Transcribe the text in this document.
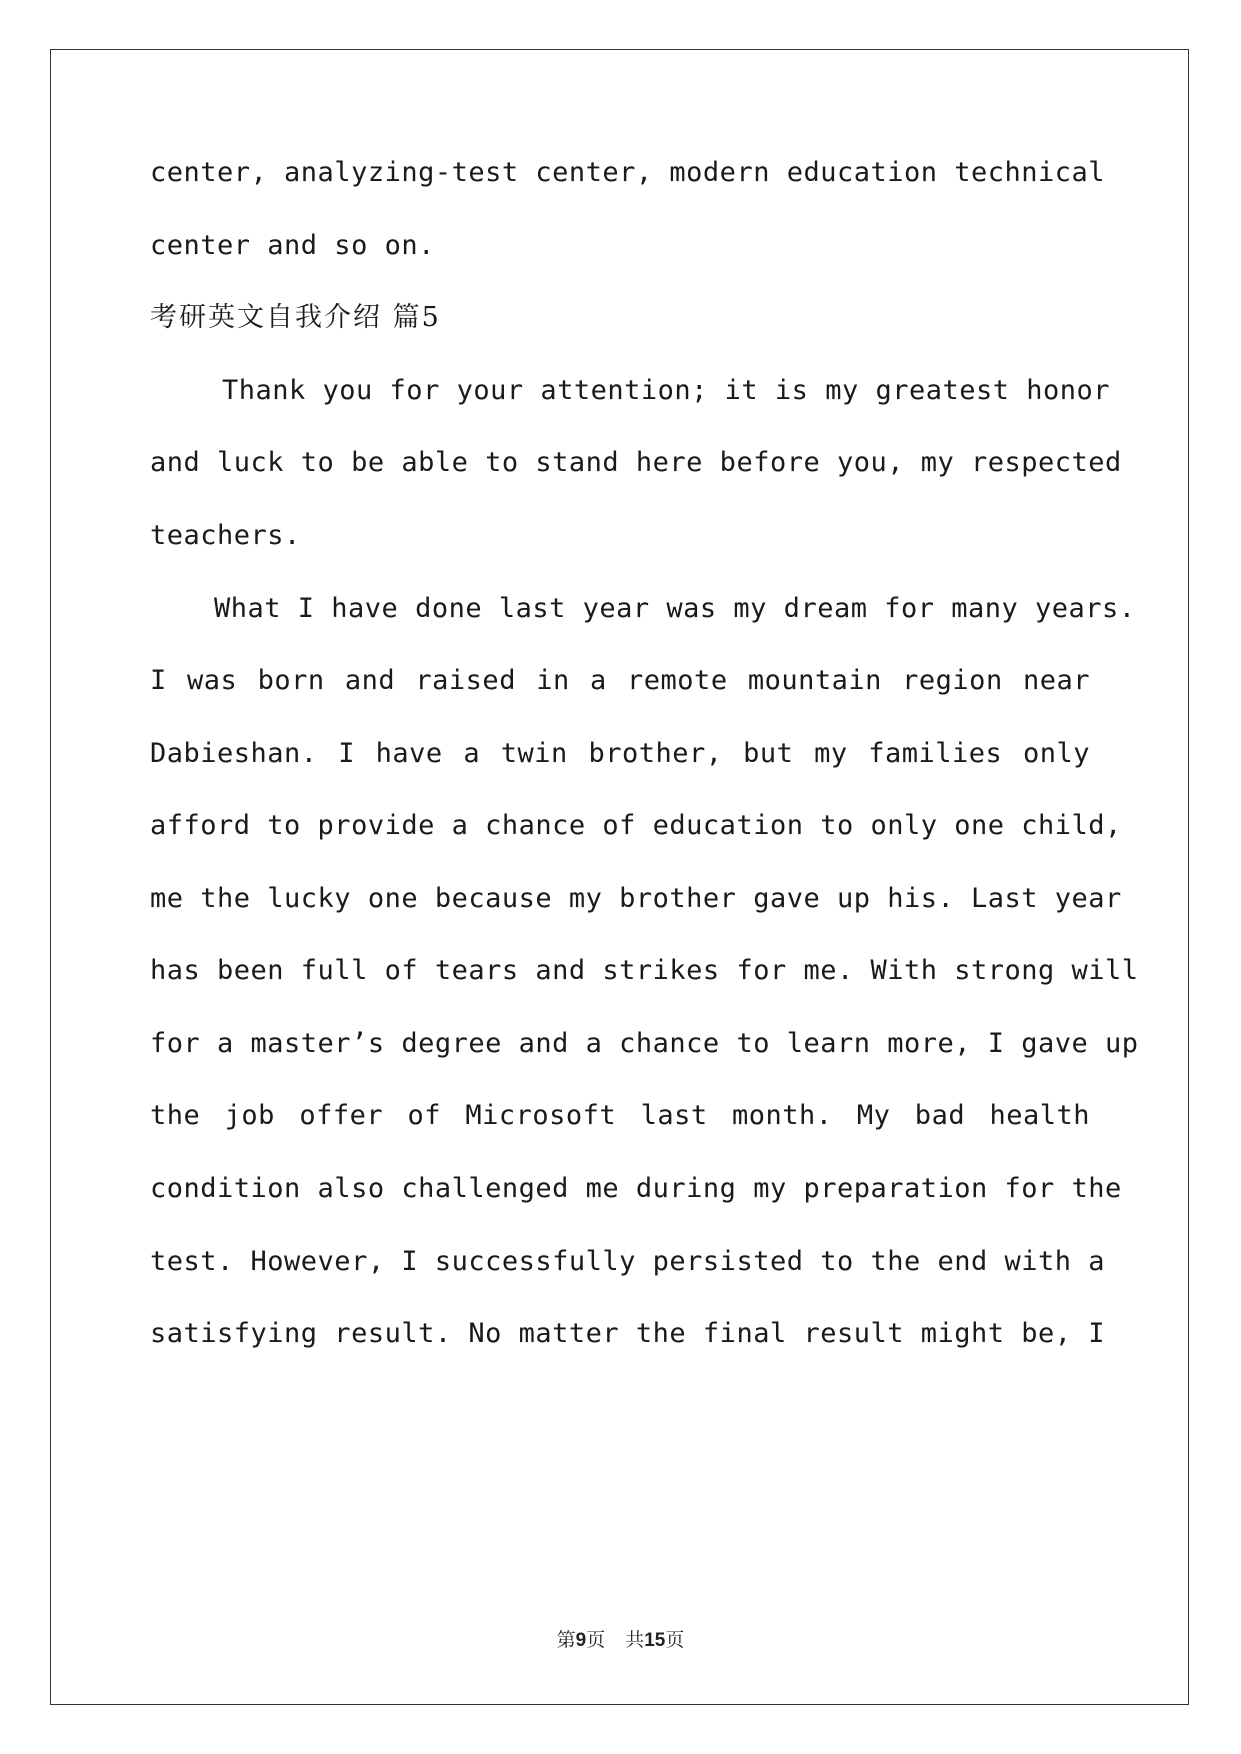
center, analyzing-test center, modern education technical
center and so on.
考研英文自我介绍 篇5
Thank you for your attention; it is my greatest honor
and luck to be able to stand here before you, my respected
teachers.
What I have done last year was my dream for many years.
I was born and raised in a remote mountain region near
Dabieshan. I have a twin brother, but my families only
afford to provide a chance of education to only one child,
me the lucky one because my brother gave up his. Last year
has been full of tears and strikes for me. With strong will
for a master’s degree and a chance to learn more, I gave up
the job offer of Microsoft last month. My bad health
condition also challenged me during my preparation for the
test. However, I successfully persisted to the end with a
satisfying result. No matter the final result might be, I
第9页 共15页
